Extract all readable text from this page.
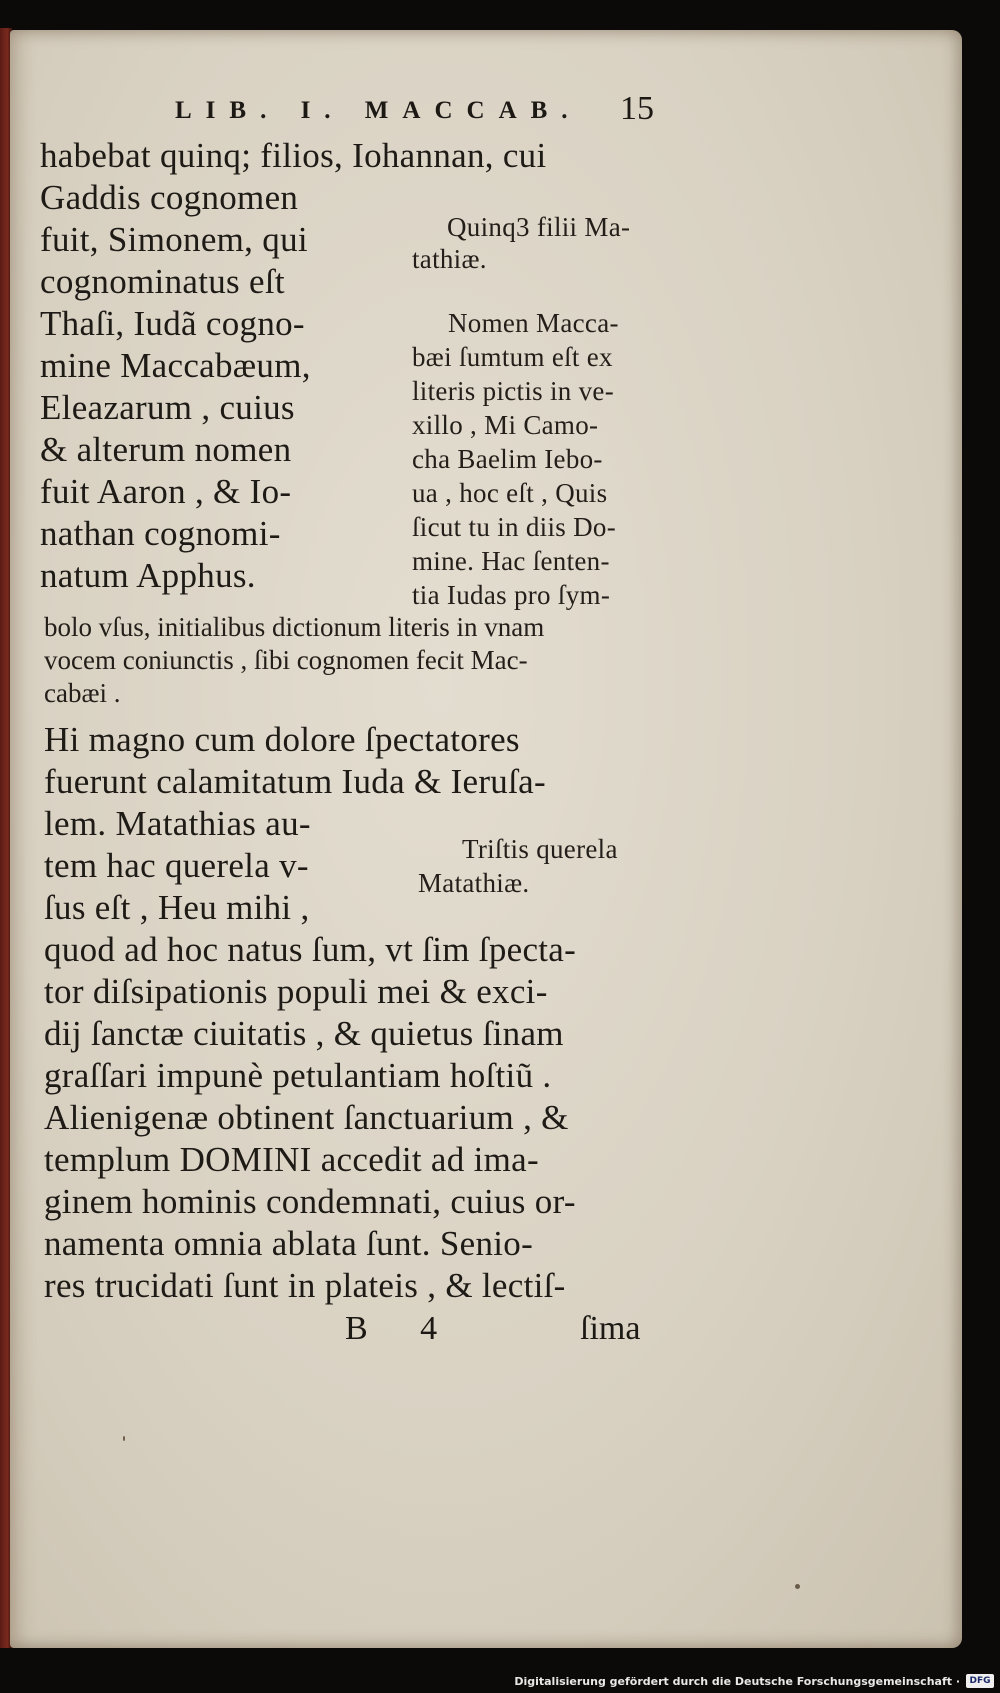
LIB. I. MACCAB. 15
habebat quinq; filios, Iohannan, cui
Gaddis cognomen
fuit, Simonem, qui
cognominatus eſt
Thaſi, Iudã cogno-
mine Maccabæum,
Eleazarum , cuius
& alterum nomen
fuit Aaron , & Io-
nathan cognomi-
natum Apphus.
Quinq3 filii Ma-
tathiæ.
Nomen Macca-
bæi ſumtum eſt ex
literis pictis in ve-
xillo , Mi Camo-
cha Baelim Iebo-
ua , hoc eſt , Quis
ſicut tu in diis Do-
mine. Hac ſenten-
tia Iudas pro ſym-
bolo vſus, initialibus dictionum literis in vnam
vocem coniunctis , ſibi cognomen fecit Mac-
cabæi .
Hi magno cum dolore ſpectatores
fuerunt calamitatum Iuda & Ieruſa-
lem. Matathias au-
tem hac querela v-
ſus eſt , Heu mihi ,
quod ad hoc natus ſum, vt ſim ſpecta-
tor diſsipationis populi mei & exci-
dij ſanctæ ciuitatis , & quietus ſinam
graſſari impunè petulantiam hoſtiũ .
Alienigenæ obtinent ſanctuarium , &
templum DOMINI accedit ad ima-
ginem hominis condemnati, cuius or-
namenta omnia ablata ſunt. Senio-
res trucidati ſunt in plateis , & lectiſ-
Triſtis querela
Matathiæ.
B 4	ſima
Digitalisierung gefördert durch die Deutsche Forschungsgemeinschaft ·	DFG
